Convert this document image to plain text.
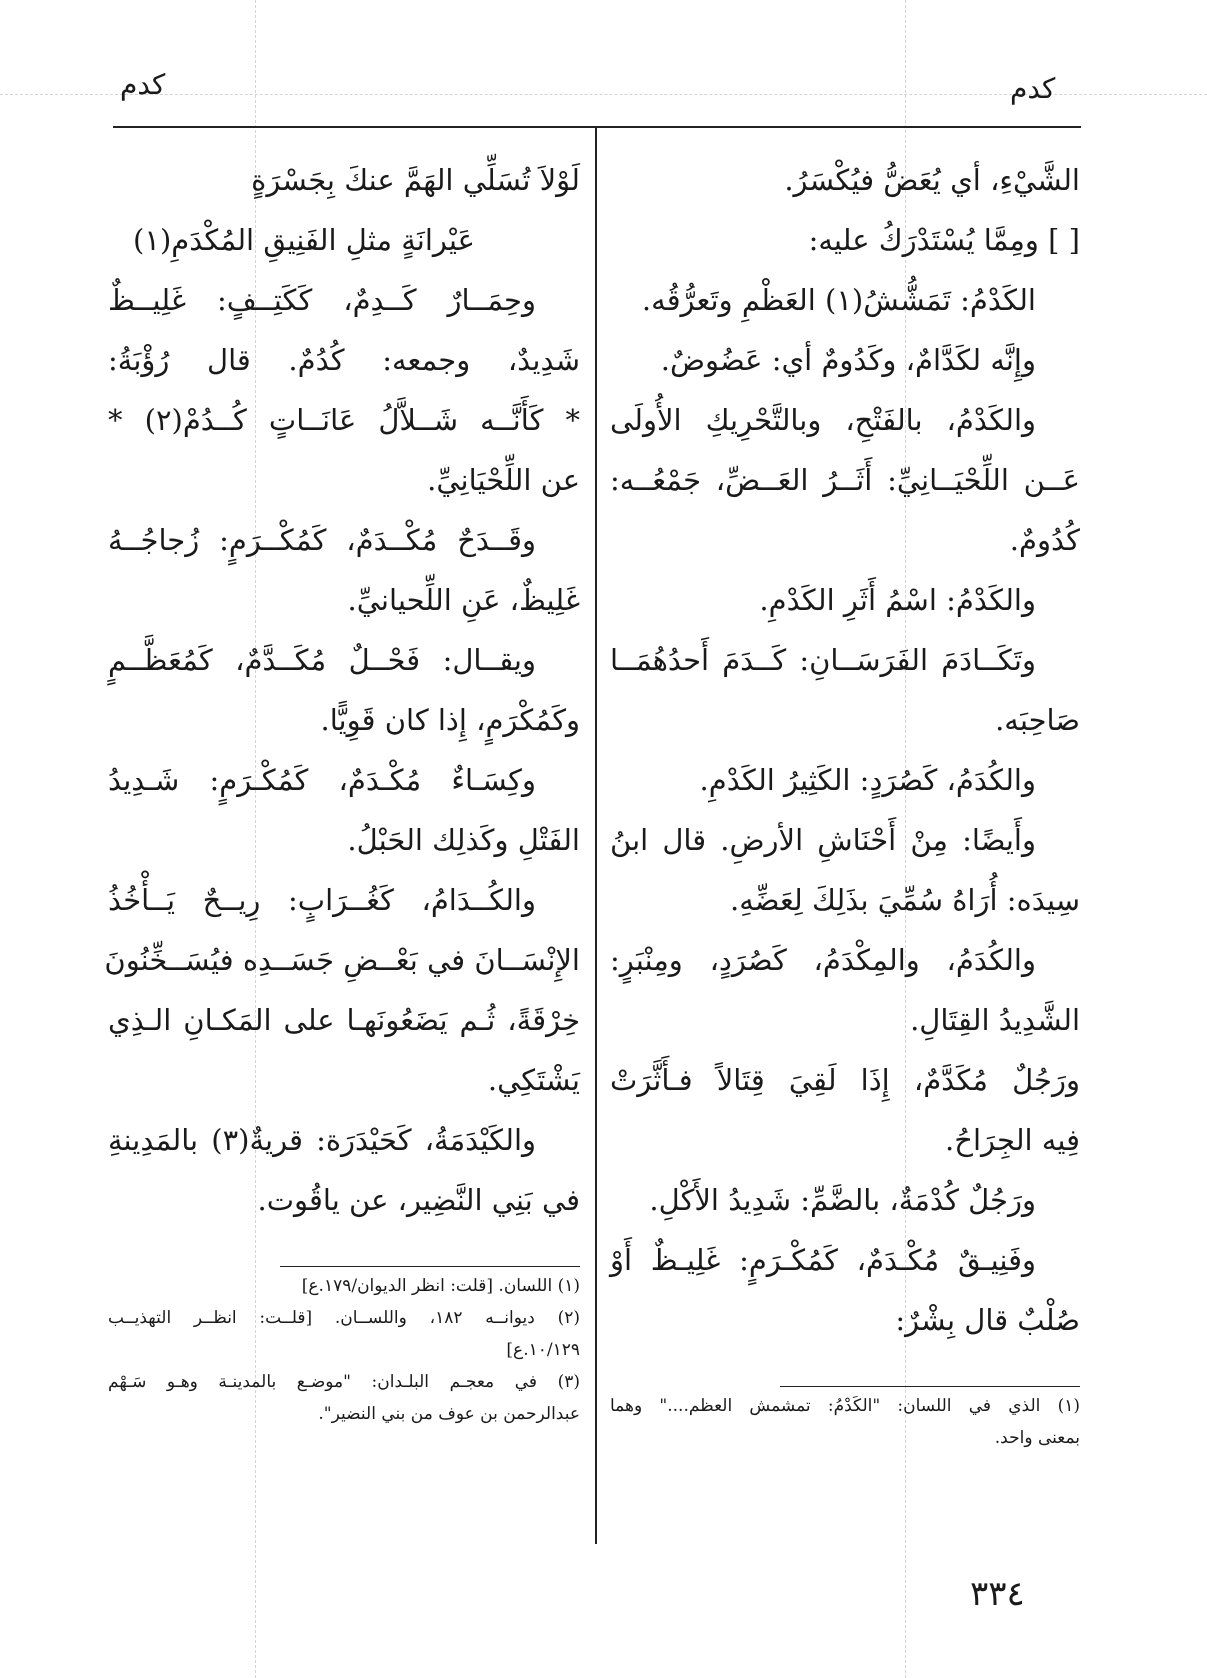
كدم	كدم
الشَّيْءِ، أي يُعَضُّ فيُكْسَرُ.
[ ] ومِمَّا يُسْتَدْرَكُ عليه:
الكَدْمُ: تَمَشُّشُ(١) العَظْمِ وتَعرُّقُه.
وإِنَّه لكَدَّامٌ، وكَدُومٌ أي: عَضُوضٌ.
والكَدْمُ، بالفَتْحِ، وبالتَّحْرِيكِ الأُولَى
عَــن اللِّحْيَــانِيِّ: أَثَــرُ العَــضِّ، جَمْعُــه:
كُدُومٌ.
والكَدْمُ: اسْمُ أَثَرِ الكَدْمِ.
وتَكَــادَمَ الفَرَسَــانِ: كَــدَمَ أَحدُهُمَــا
صَاحِبَه.
والكُدَمُ، كَصُرَدٍ: الكَثِيرُ الكَدْمِ.
وأَيضًا: مِنْ أَحْنَاشِ الأرضِ. قال ابنُ
سِيدَه: أُرَاهُ سُمِّيَ بذَلِكَ لِعَضِّهِ.
والكُدَمُ، والمِكْدَمُ، كَصُرَدٍ، ومِنْبَرٍ:
الشَّدِيدُ القِتَالِ.
ورَجُلٌ مُكَدَّمٌ، إِذَا لَقِيَ قِتَالاً فـأَثَّرَتْ
فِيه الجِرَاحُ.
ورَجُلٌ كُدْمَةٌ، بالضَّمِّ: شَدِيدُ الأَكْلِ.
وفَنِيـقٌ مُكْـدَمٌ، كَمُكْـرَمٍ: غَلِيـظٌ أَوْ
صُلْبٌ قال بِشْرٌ:
(١) الذي في اللسان: "الكَدْمُ: تمشمش العظم...." وهما
بمعنى واحد.
لَوْلاَ تُسَلِّي الهَمَّ عنكَ بِجَسْرَةٍ
عَيْرانَةٍ مثلِ الفَنِيقِ المُكْدَمِ(١)
وحِمَــارٌ كَــدِمٌ، كَكَتِــفٍ: غَلِيــظٌ
شَدِيدٌ، وجمعه: كُدُمٌ. قال رُؤْبَةُ:
* كَأَنَّــه شَــلاَّلُ عَانَــاتٍ كُــدُمْ(٢) *
عن اللِّحْيَانِيِّ.
وقَــدَحٌ مُكْــدَمٌ، كَمُكْــرَمٍ: زُجاجُــهُ
غَلِيظٌ، عَنِ اللِّحيانيِّ.
ويقــال: فَحْــلٌ مُكَــدَّمٌ، كَمُعَظَّــمٍ
وكَمُكْرَمٍ، إِذا كان قَوِيًّا.
وكِسَـاءٌ مُكْـدَمٌ، كَمُكْـرَمٍ: شَـدِيدُ
الفَتْلِ وكَذلِك الحَبْلُ.
والكُــدَامُ، كَغُــرَابٍ: رِيــحٌ يَــأْخُذُ
الإِنْسَــانَ في بَعْــضِ جَسَــدِه فيُسَــخِّنُونَ
خِرْقَةً، ثُـم يَضَعُونَهـا على المَكـانِ الـذِي
يَشْتَكِي.
والكَيْدَمَةُ، كَحَيْدَرَة: قريةٌ(٣) بالمَدِينةِ
في بَنِي النَّضِير، عن ياقُوت.
(١) اللسان. [قلت: انظر الديوان/١٧٩.ع]
(٢) ديوانــه ١٨٢، واللســان. [قلــت: انظــر التهذيــب
١٠/١٢٩.ع]
(٣) في معجـم البلـدان: "موضـع بالمدينـة وهـو سَـهْم
عبدالرحمن بن عوف من بني النضير".
٣٣٤
